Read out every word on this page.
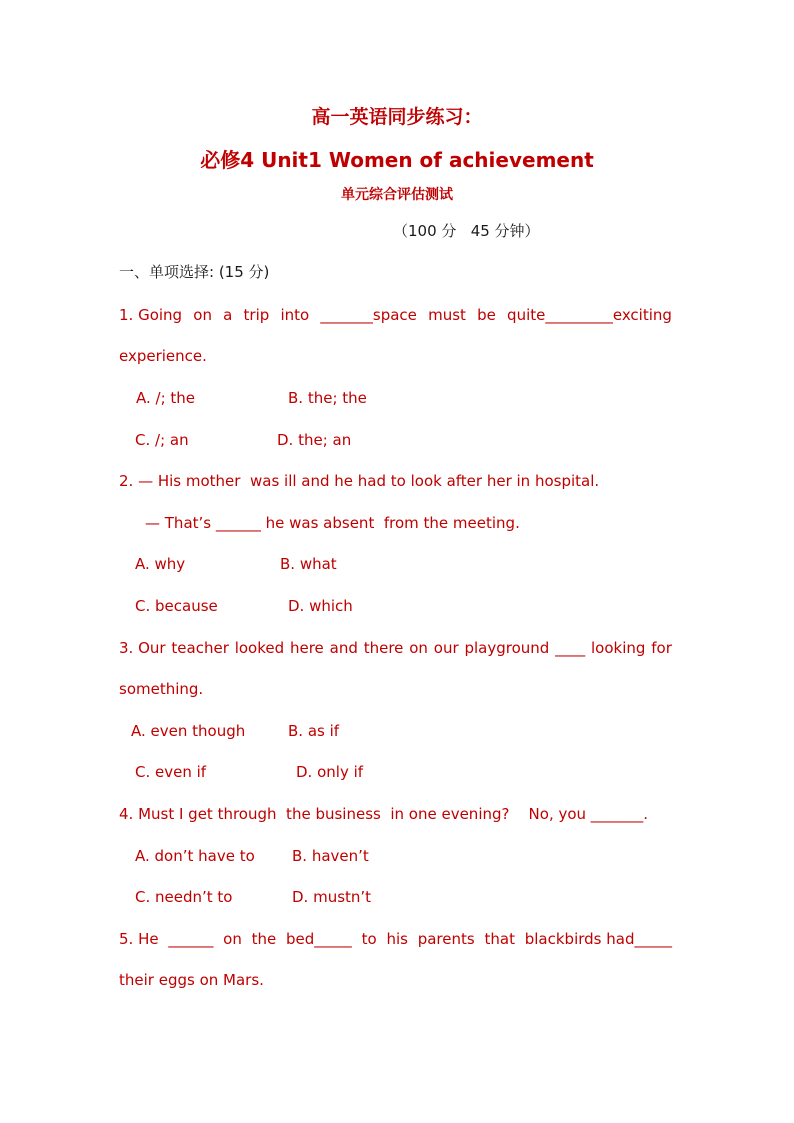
高一英语同步练习：
必修4 Unit1 Women of achievement
单元综合评估测试
（100 分   45 分钟）
一、单项选择: (15 分)
1. Going on a trip into _______space must be quite_________exciting
experience.
A. /; the	B. the; the
C. /; an	D. the; an
2. — His mother  was ill and he had to look after her in hospital.
— That’s ______ he was absent  from the meeting.
A. why	B. what
C. because	D. which
3. Our teacher looked here and there on our playground ____ looking for
something.
A. even though	B. as if
C. even if	D. only if
4. Must I get through  the business  in one evening?    No, you _______.
A. don’t have to B. haven’t
C. needn’t to	D. mustn’t
5. He ______ on the bed_____ to his parents that blackbirds had_____
their eggs on Mars.
